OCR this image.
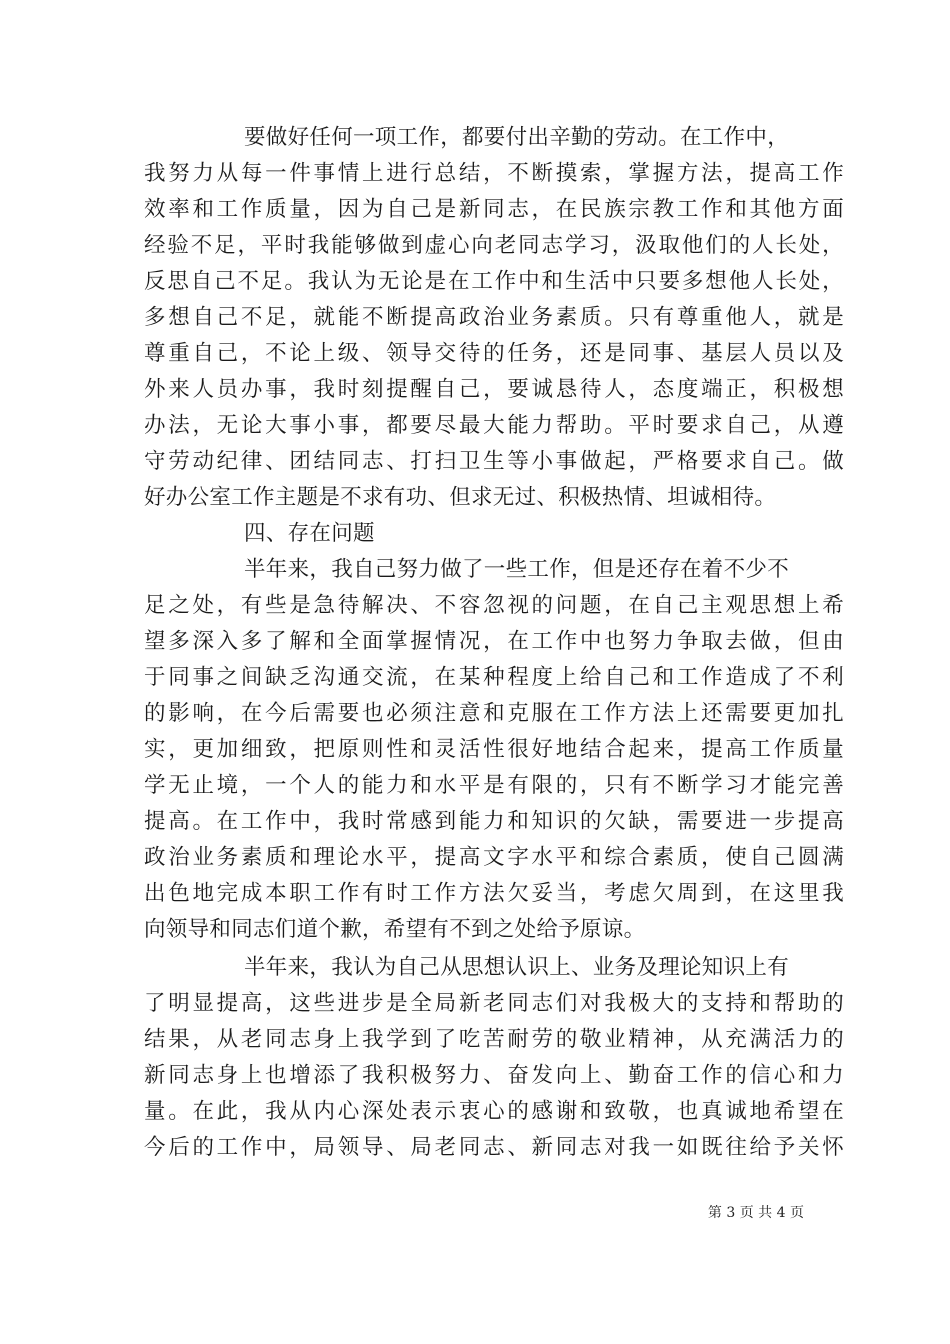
要做好任何一项工作，都要付出辛勤的劳动。在工作中，
我努力从每一件事情上进行总结，不断摸索，掌握方法，提高工作
效率和工作质量，因为自己是新同志，在民族宗教工作和其他方面
经验不足，平时我能够做到虚心向老同志学习，汲取他们的人长处，
反思自己不足。我认为无论是在工作中和生活中只要多想他人长处，
多想自己不足，就能不断提高政治业务素质。只有尊重他人，就是
尊重自己，不论上级、领导交待的任务，还是同事、基层人员以及
外来人员办事，我时刻提醒自己，要诚恳待人，态度端正，积极想
办法，无论大事小事，都要尽最大能力帮助。平时要求自己，从遵
守劳动纪律、团结同志、打扫卫生等小事做起，严格要求自己。做
好办公室工作主题是不求有功、但求无过、积极热情、坦诚相待。
四、存在问题
半年来，我自己努力做了一些工作，但是还存在着不少不
足之处，有些是急待解决、不容忽视的问题，在自己主观思想上希
望多深入多了解和全面掌握情况，在工作中也努力争取去做，但由
于同事之间缺乏沟通交流，在某种程度上给自己和工作造成了不利
的影响，在今后需要也必须注意和克服在工作方法上还需要更加扎
实，更加细致，把原则性和灵活性很好地结合起来，提高工作质量
学无止境，一个人的能力和水平是有限的，只有不断学习才能完善
提高。在工作中，我时常感到能力和知识的欠缺，需要进一步提高
政治业务素质和理论水平，提高文字水平和综合素质，使自己圆满
出色地完成本职工作有时工作方法欠妥当，考虑欠周到，在这里我
向领导和同志们道个歉，希望有不到之处给予原谅。
半年来，我认为自己从思想认识上、业务及理论知识上有
了明显提高，这些进步是全局新老同志们对我极大的支持和帮助的
结果，从老同志身上我学到了吃苦耐劳的敬业精神，从充满活力的
新同志身上也增添了我积极努力、奋发向上、勤奋工作的信心和力
量。在此，我从内心深处表示衷心的感谢和致敬，也真诚地希望在
今后的工作中，局领导、局老同志、新同志对我一如既往给予关怀
第 3 页 共 4 页
